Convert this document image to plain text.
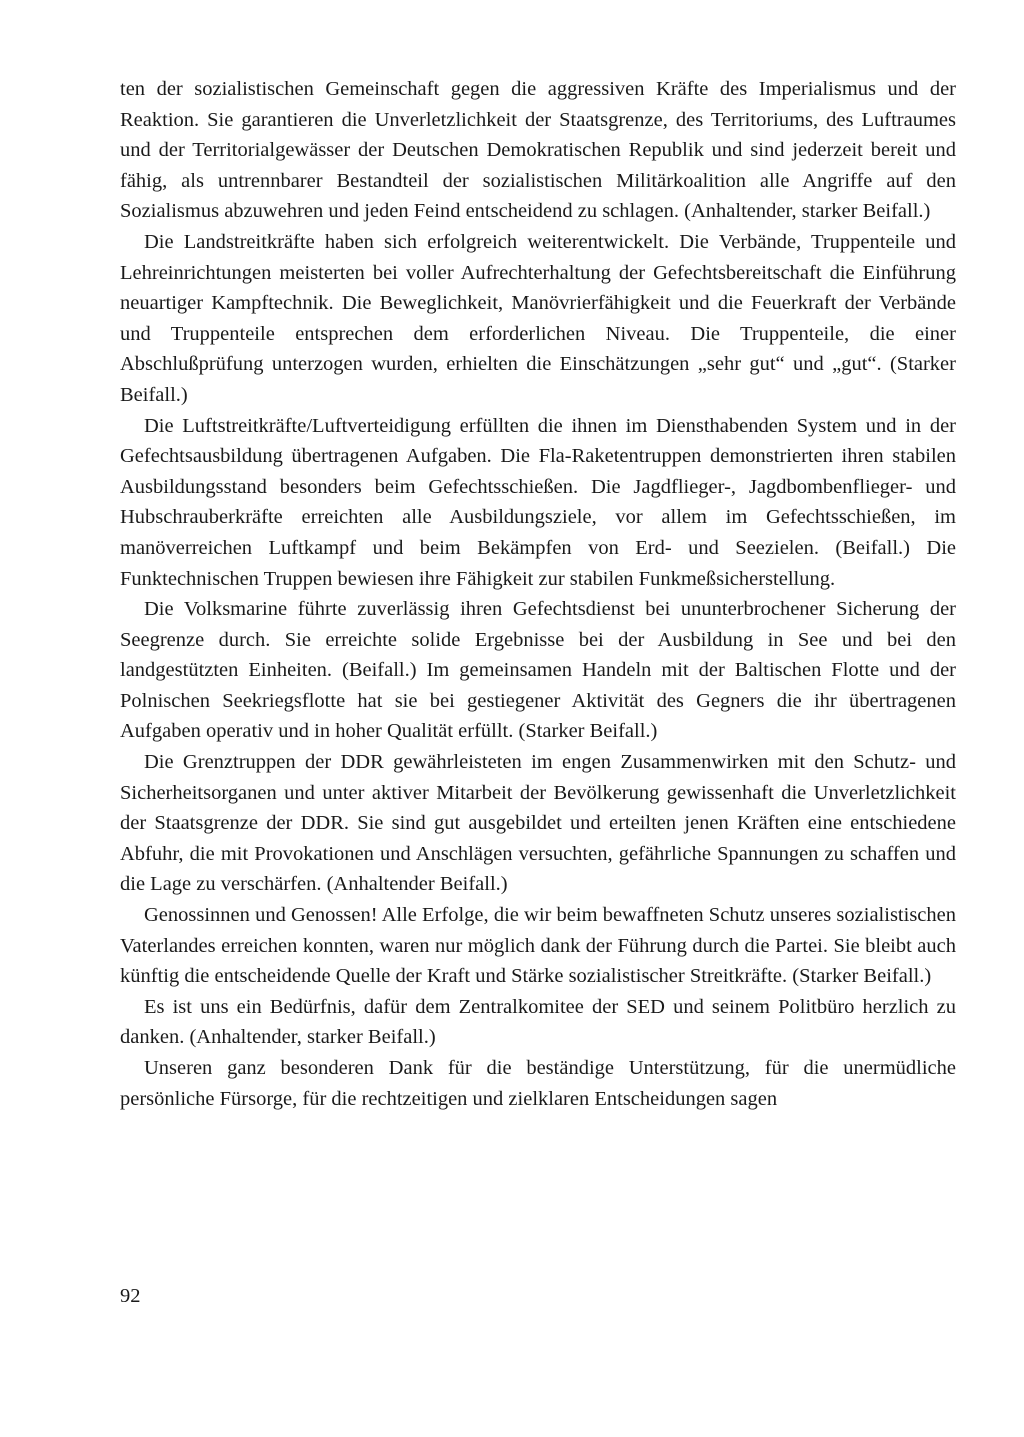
ten der sozialistischen Gemeinschaft gegen die aggressiven Kräfte des Imperialismus und der Reaktion. Sie garantieren die Unverletzlichkeit der Staatsgrenze, des Territoriums, des Luftraumes und der Territorialgewässer der Deutschen Demokratischen Republik und sind jederzeit bereit und fähig, als untrennbarer Bestandteil der sozialistischen Militärkoalition alle Angriffe auf den Sozialismus abzuwehren und jeden Feind entscheidend zu schlagen. (Anhaltender, starker Beifall.)

Die Landstreitkräfte haben sich erfolgreich weiterentwickelt. Die Verbände, Truppenteile und Lehreinrichtungen meisterten bei voller Aufrechterhaltung der Gefechtsbereitschaft die Einführung neuartiger Kampftechnik. Die Beweglichkeit, Manövrierfähigkeit und die Feuerkraft der Verbände und Truppenteile entsprechen dem erforderlichen Niveau. Die Truppenteile, die einer Abschlußprüfung unterzogen wurden, erhielten die Einschätzungen „sehr gut“ und „gut“. (Starker Beifall.)

Die Luftstreitkräfte/Luftverteidigung erfüllten die ihnen im Diensthabenden System und in der Gefechtsausbildung übertragenen Aufgaben. Die Fla-Raketentruppen demonstrierten ihren stabilen Ausbildungsstand besonders beim Gefechtsschießen. Die Jagdflieger-, Jagdbombenflieger- und Hubschrauberkräfte erreichten alle Ausbildungsziele, vor allem im Gefechtsschießen, im manöverreichen Luftkampf und beim Bekämpfen von Erd- und Seezielen. (Beifall.) Die Funktechnischen Truppen bewiesen ihre Fähigkeit zur stabilen Funkmeßsicherstellung.

Die Volksmarine führte zuverlässig ihren Gefechtsdienst bei ununterbrochener Sicherung der Seegrenze durch. Sie erreichte solide Ergebnisse bei der Ausbildung in See und bei den landgestützten Einheiten. (Beifall.) Im gemeinsamen Handeln mit der Baltischen Flotte und der Polnischen Seekriegsflotte hat sie bei gestiegener Aktivität des Gegners die ihr übertragenen Aufgaben operativ und in hoher Qualität erfüllt. (Starker Beifall.)

Die Grenztruppen der DDR gewährleisteten im engen Zusammenwirken mit den Schutz- und Sicherheitsorganen und unter aktiver Mitarbeit der Bevölkerung gewissenhaft die Unverletzlichkeit der Staatsgrenze der DDR. Sie sind gut ausgebildet und erteilten jenen Kräften eine entschiedene Abfuhr, die mit Provokationen und Anschlägen versuchten, gefährliche Spannungen zu schaffen und die Lage zu verschärfen. (Anhaltender Beifall.)

Genossinnen und Genossen! Alle Erfolge, die wir beim bewaffneten Schutz unseres sozialistischen Vaterlandes erreichen konnten, waren nur möglich dank der Führung durch die Partei. Sie bleibt auch künftig die entscheidende Quelle der Kraft und Stärke sozialistischer Streitkräfte. (Starker Beifall.)

Es ist uns ein Bedürfnis, dafür dem Zentralkomitee der SED und seinem Politbüro herzlich zu danken. (Anhaltender, starker Beifall.)

Unseren ganz besonderen Dank für die beständige Unterstützung, für die unermüdliche persönliche Fürsorge, für die rechtzeitigen und zielklaren Entscheidungen sagen

92
